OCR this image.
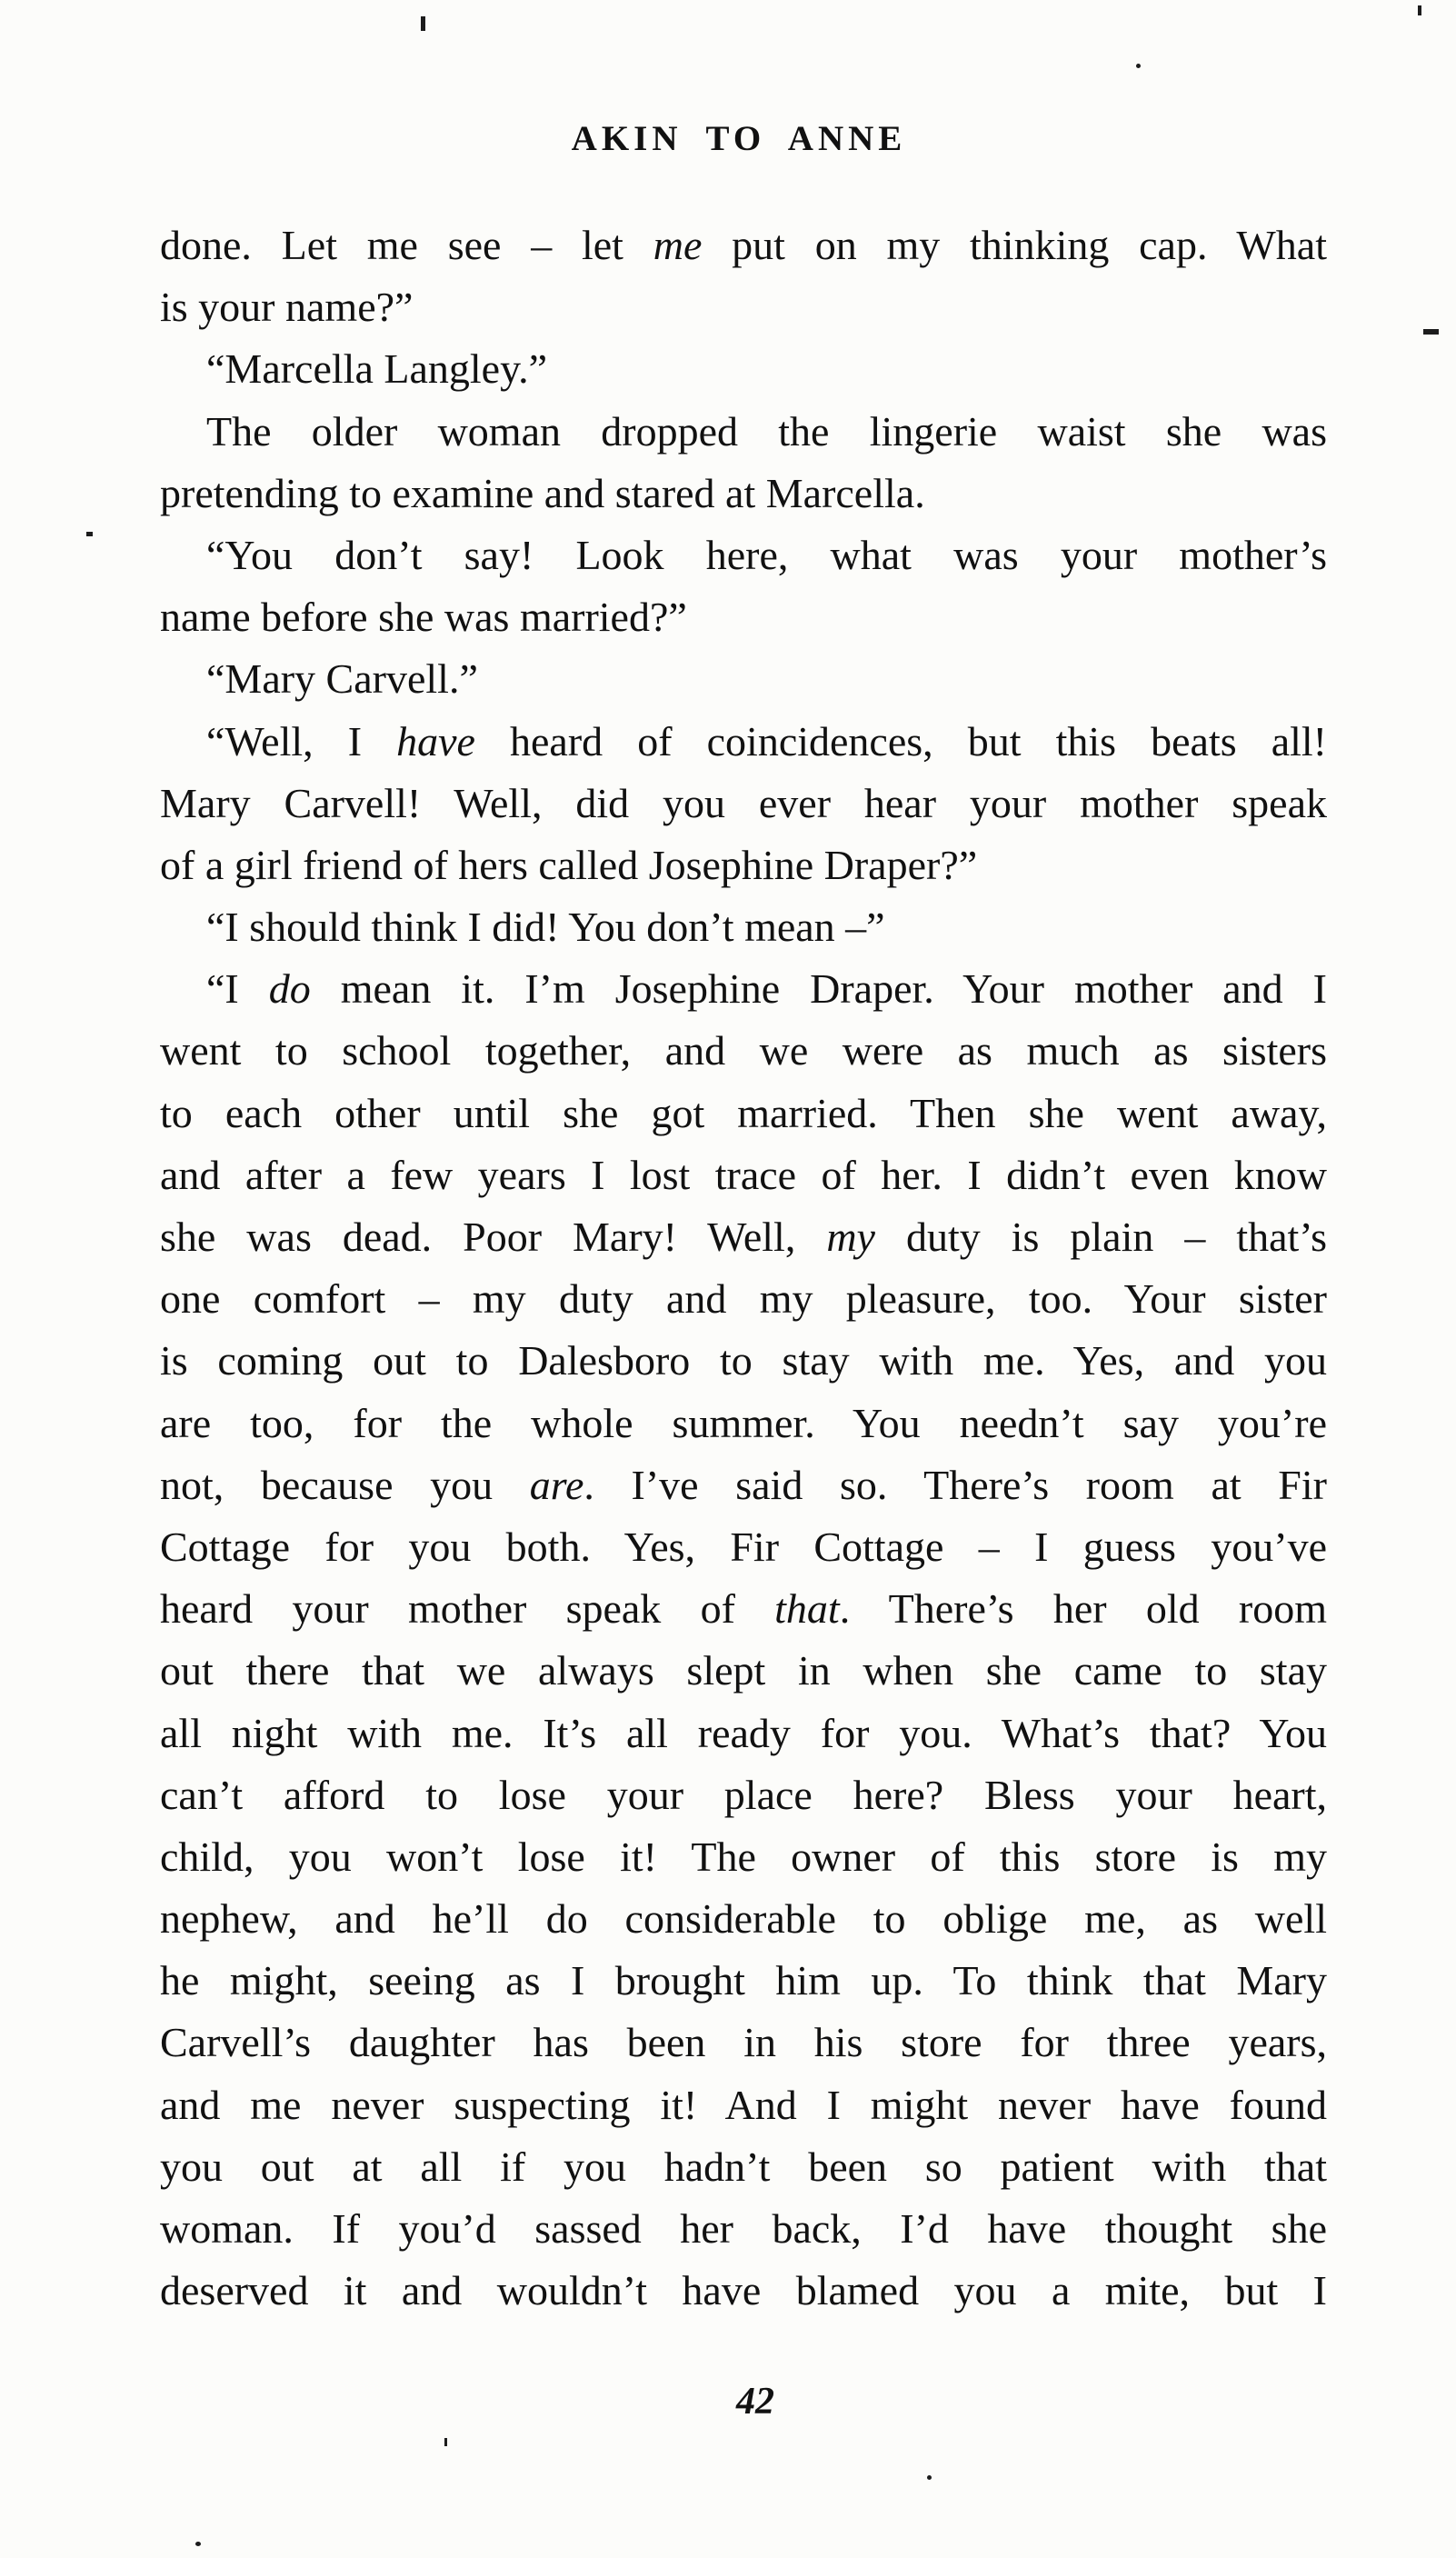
AKIN TO ANNE
done. Let me see – let me put on my thinking cap. What
is your name?”
“Marcella Langley.”
The older woman dropped the lingerie waist she was
pretending to examine and stared at Marcella.
“You don’t say! Look here, what was your mother’s
name before she was married?”
“Mary Carvell.”
“Well, I have heard of coincidences, but this beats all!
Mary Carvell! Well, did you ever hear your mother speak
of a girl friend of hers called Josephine Draper?”
“I should think I did! You don’t mean –”
“I do mean it. I’m Josephine Draper. Your mother and I
went to school together, and we were as much as sisters
to each other until she got married. Then she went away,
and after a few years I lost trace of her. I didn’t even know
she was dead. Poor Mary! Well, my duty is plain – that’s
one comfort – my duty and my pleasure, too. Your sister
is coming out to Dalesboro to stay with me. Yes, and you
are too, for the whole summer. You needn’t say you’re
not, because you are. I’ve said so. There’s room at Fir
Cottage for you both. Yes, Fir Cottage – I guess you’ve
heard your mother speak of that. There’s her old room
out there that we always slept in when she came to stay
all night with me. It’s all ready for you. What’s that? You
can’t afford to lose your place here? Bless your heart,
child, you won’t lose it! The owner of this store is my
nephew, and he’ll do considerable to oblige me, as well
he might, seeing as I brought him up. To think that Mary
Carvell’s daughter has been in his store for three years,
and me never suspecting it! And I might never have found
you out at all if you hadn’t been so patient with that
woman. If you’d sassed her back, I’d have thought she
deserved it and wouldn’t have blamed you a mite, but I
42
